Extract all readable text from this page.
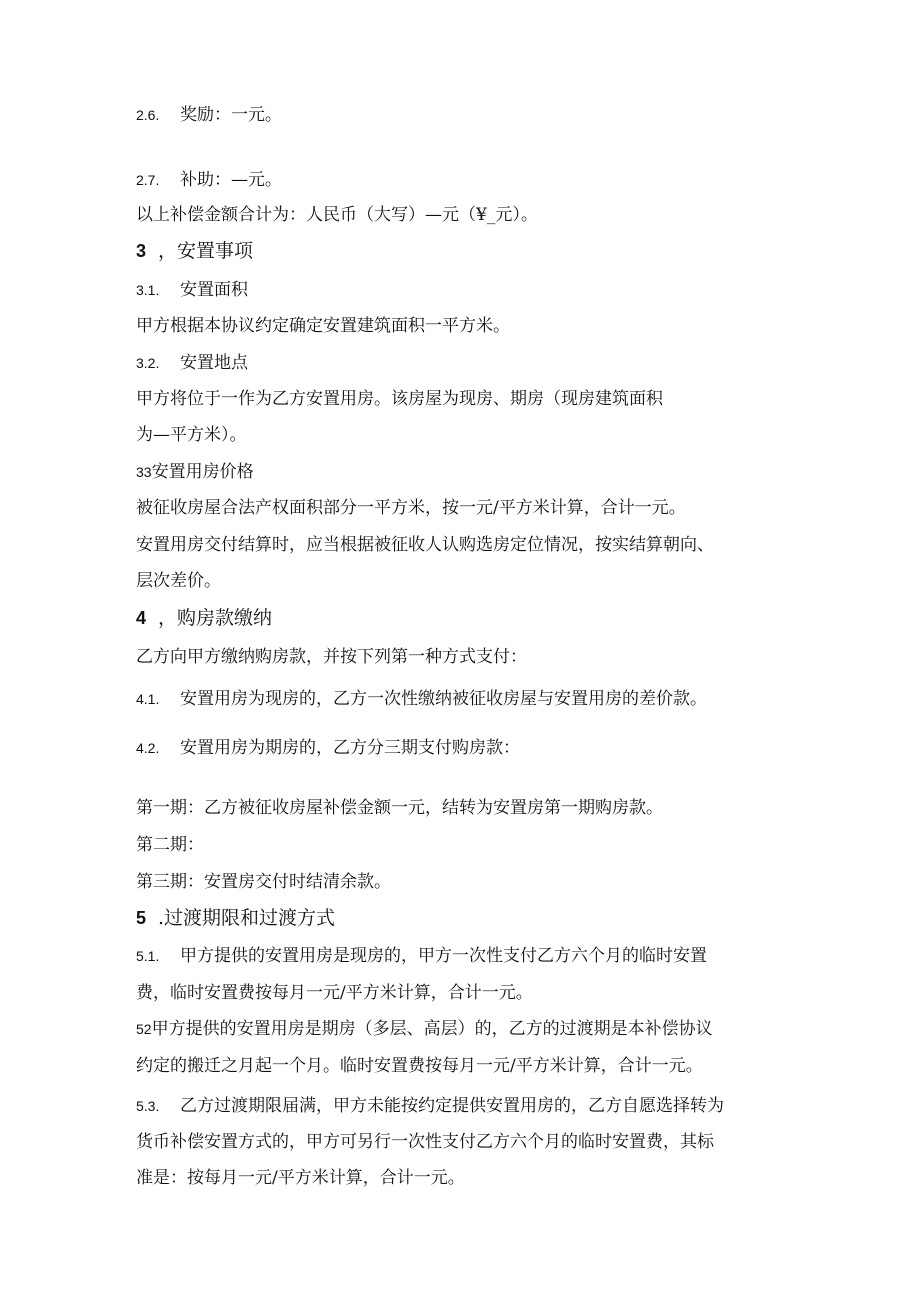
2.6. 奖励：一元。
2.7. 补助：—元。
以上补偿金额合计为：人民币（大写）—元（¥_元）。
3 ，安置事项
3.1. 安置面积
甲方根据本协议约定确定安置建筑面积一平方米。
3.2. 安置地点
甲方将位于一作为乙方安置用房。该房屋为现房、期房（现房建筑面积
为—平方米）。
33安置用房价格
被征收房屋合法产权面积部分一平方米，按一元/平方米计算，合计一元。
安置用房交付结算时，应当根据被征收人认购选房定位情况，按实结算朝向、
层次差价。
4 ，购房款缴纳
乙方向甲方缴纳购房款，并按下列第一种方式支付：
4.1. 安置用房为现房的，乙方一次性缴纳被征收房屋与安置用房的差价款。
4.2. 安置用房为期房的，乙方分三期支付购房款：
第一期：乙方被征收房屋补偿金额一元，结转为安置房第一期购房款。
第二期：
第三期：安置房交付时结清余款。
5 .过渡期限和过渡方式
5.1. 甲方提供的安置用房是现房的，甲方一次性支付乙方六个月的临时安置
费，临时安置费按每月一元/平方米计算，合计一元。
52甲方提供的安置用房是期房（多层、高层）的，乙方的过渡期是本补偿协议
约定的搬迁之月起一个月。临时安置费按每月一元/平方米计算，合计一元。
5.3. 乙方过渡期限届满，甲方未能按约定提供安置用房的，乙方自愿选择转为
货币补偿安置方式的，甲方可另行一次性支付乙方六个月的临时安置费，其标
准是：按每月一元/平方米计算，合计一元。
